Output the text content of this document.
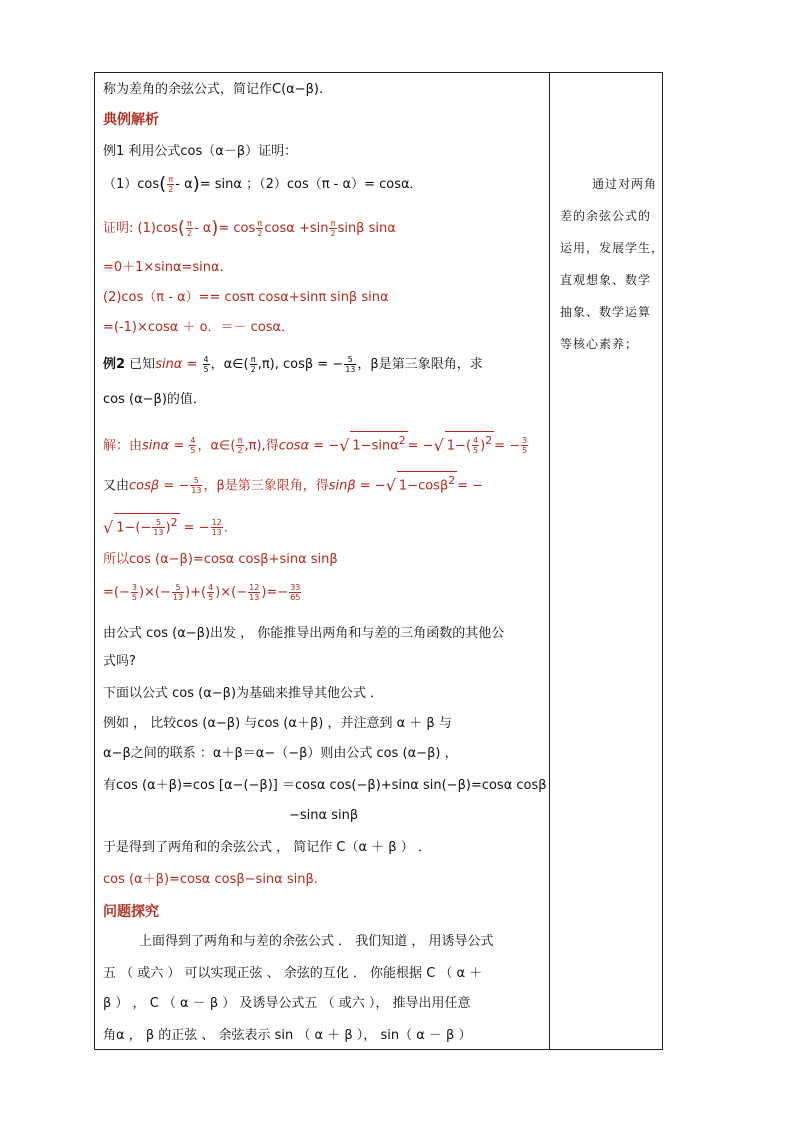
称为差角的余弦公式，简记作C(α−β).
典例解析
例1 利用公式cos（α－β）证明：
$(1)\cos( \frac{\pi}{2} - \alpha)= \sin\alpha$ ；（2）cos（π - α）= cosα．
证明: $(1)\cos( \frac{\pi}{2} - \alpha)= \cos \frac{\pi}{2}$ $\cos\alpha +\sin \frac{\pi}{2}$ sinβ sinα
=0＋1×sinα=sinα．
(2)cos（π - α）== cosπ cosα+sinπ sinβ sinα
=(-1)×cosα ＋ o．＝－ cosα．
例2 已知$\sin\alpha = \frac{4}{5}$ ，α∈( $\frac{\pi}{2} ,\pi$), cosβ = − $\frac{5}{13}$ ，β是第三象限角，求
cos (α−β)的值．
解：由$\sin\alpha = \frac{4}{5}$ ，α∈( $\frac{\pi}{2} ,\pi$),得cosα = −√ 1−sinα$^2$ = −√ $1-( \frac{4}{5} )^2$ = − $\frac{3}{5}$
又由cosβ = − $\frac{5}{13}$ ，β是第三象限角，得sinβ = −√ 1−cosβ$^2$ = −
√ $1-(- \frac{5}{13} )^2$ = − $\frac{12}{13}$ .
所以cos (α−β)=cosα cosβ+sinα sinβ
=(− $\frac{3}{5}$ )×(− $\frac{5}{13}$ )+( $\frac{4}{5}$ )×(− $\frac{12}{13}$ )=− $\frac{33}{65}$
由公式 cos (α−β)出发 ， 你能推导出两角和与差的三角函数的其他公
式吗?
下面以公式 cos (α−β)为基础来推导其他公式 ．
例如 ， 比较cos (α−β) 与cos (α＋β) ，并注意到 α ＋ β 与
α−β之间的联系 ：α＋β＝α−（−β）则由公式 cos (α−β) ，
有cos (α＋β)=cos [α−(−β)] ＝cosα cos(−β)+sinα sin(−β)=cosα cosβ
−sinα sinβ
于是得到了两角和的余弦公式 ， 简记作 C（α ＋ β ） ．
cos (α＋β)=cosα cosβ−sinα sinβ.
问题探究
上面得到了两角和与差的余弦公式 ． 我们知道 ， 用诱导公式
五 （ 或六 ） 可以实现正弦 、 余弦的互化 ． 你能根据 C （ α ＋
β ） ， C （ α － β ） 及诱导公式五 （ 或六 ）， 推导出用任意
角α ， β 的正弦 、 余弦表示 sin （ α ＋ β ）， sin（ α － β ）
通过对两角
差的余弦公式的
运用，发展学生，
直观想象、数学
抽象、数学运算
等核心素养；
